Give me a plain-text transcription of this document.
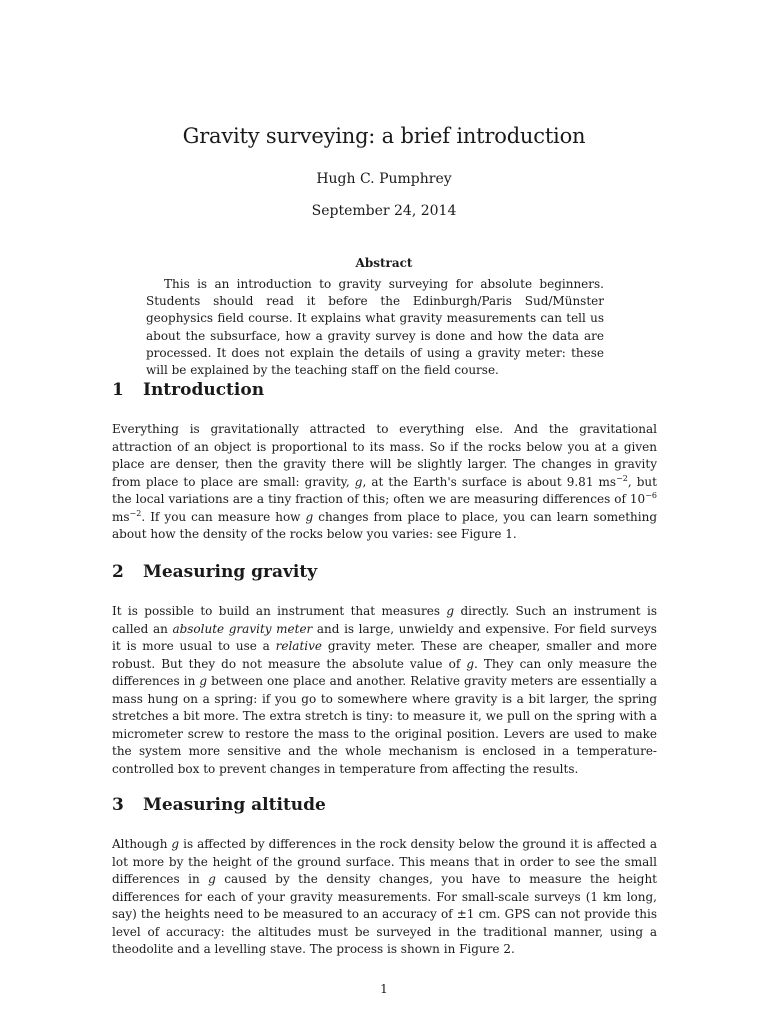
Gravity surveying: a brief introduction
Hugh C. Pumphrey
September 24, 2014
Abstract

This is an introduction to gravity surveying for absolute beginners. Students should read it before the Edinburgh/Paris Sud/Münster geophysics field course. It explains what gravity measurements can tell us about the subsurface, how a gravity survey is done and how the data are processed. It does not explain the details of using a gravity meter: these will be explained by the teaching staff on the field course.

1 Introduction

Everything is gravitationally attracted to everything else. And the gravitational attraction of an object is proportional to its mass. So if the rocks below you at a given place are denser, then the gravity there will be slightly larger. The changes in gravity from place to place are small: gravity, g, at the Earth's surface is about 9.81 $ms^{-2}$, but the local variations are a tiny fraction of this; often we are measuring differences of $10^{-6}$ $ms^{-2}$. If you can measure how g changes from place to place, you can learn something about how the density of the rocks below you varies: see Figure 1.

2 Measuring gravity

It is possible to build an instrument that measures g directly. Such an instrument is called an absolute gravity meter and is large, unwieldy and expensive. For field surveys it is more usual to use a relative gravity meter. These are cheaper, smaller and more robust. But they do not measure the absolute value of g. They can only measure the differences in g between one place and another. Relative gravity meters are essentially a mass hung on a spring: if you go to somewhere where gravity is a bit larger, the spring stretches a bit more. The extra stretch is tiny: to measure it, we pull on the spring with a micrometer screw to restore the mass to the original position. Levers are used to make the system more sensitive and the whole mechanism is enclosed in a temperature-controlled box to prevent changes in temperature from affecting the results.

3 Measuring altitude

Although g is affected by differences in the rock density below the ground it is affected a lot more by the height of the ground surface. This means that in order to see the small differences in g caused by the density changes, you have to measure the height differences for each of your gravity measurements. For small-scale surveys (1 km long, say) the heights need to be measured to an accuracy of ±1 cm. GPS can not provide this level of accuracy: the altitudes must be surveyed in the traditional manner, using a theodolite and a levelling stave. The process is shown in Figure 2.

1
